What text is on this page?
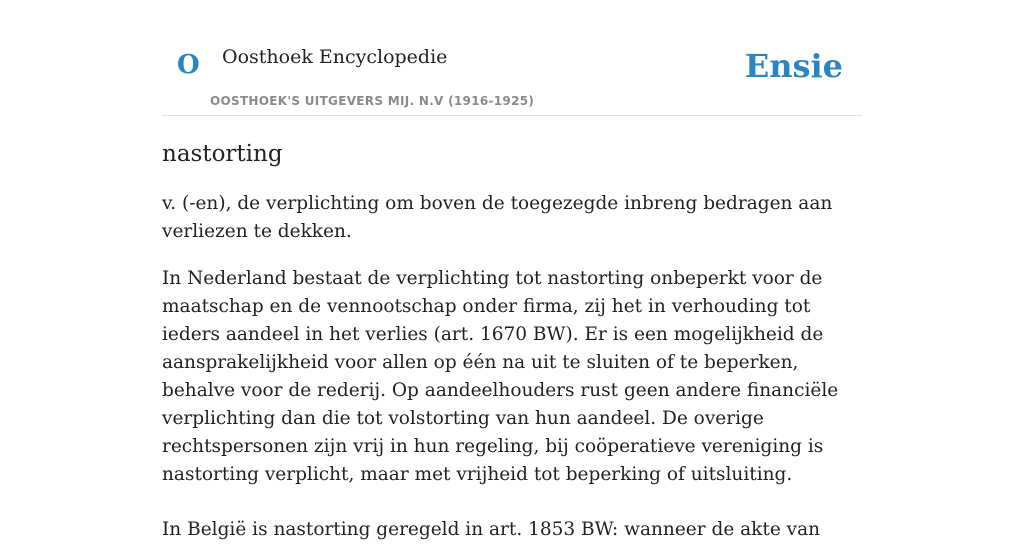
O Oosthoek Encyclopedie
OOSTHOEK'S UITGEVERS MIJ. N.V (1916-1925)
Ensie
nastorting

v. (-en), de verplichting om boven de toegezegde inbreng bedragen aan verliezen te dekken.

In Nederland bestaat de verplichting tot nastorting onbeperkt voor de maatschap en de vennootschap onder firma, zij het in verhouding tot ieders aandeel in het verlies (art. 1670 BW). Er is een mogelijkheid de aansprakelijkheid voor allen op één na uit te sluiten of te beperken, behalve voor de rederij. Op aandeelhouders rust geen andere financiële verplichting dan die tot volstorting van hun aandeel. De overige rechtspersonen zijn vrij in hun regeling, bij coöperatieve vereniging is nastorting verplicht, maar met vrijheid tot beperking of uitsluiting.

In België is nastorting geregeld in art. 1853 BW: wanneer de akte van
